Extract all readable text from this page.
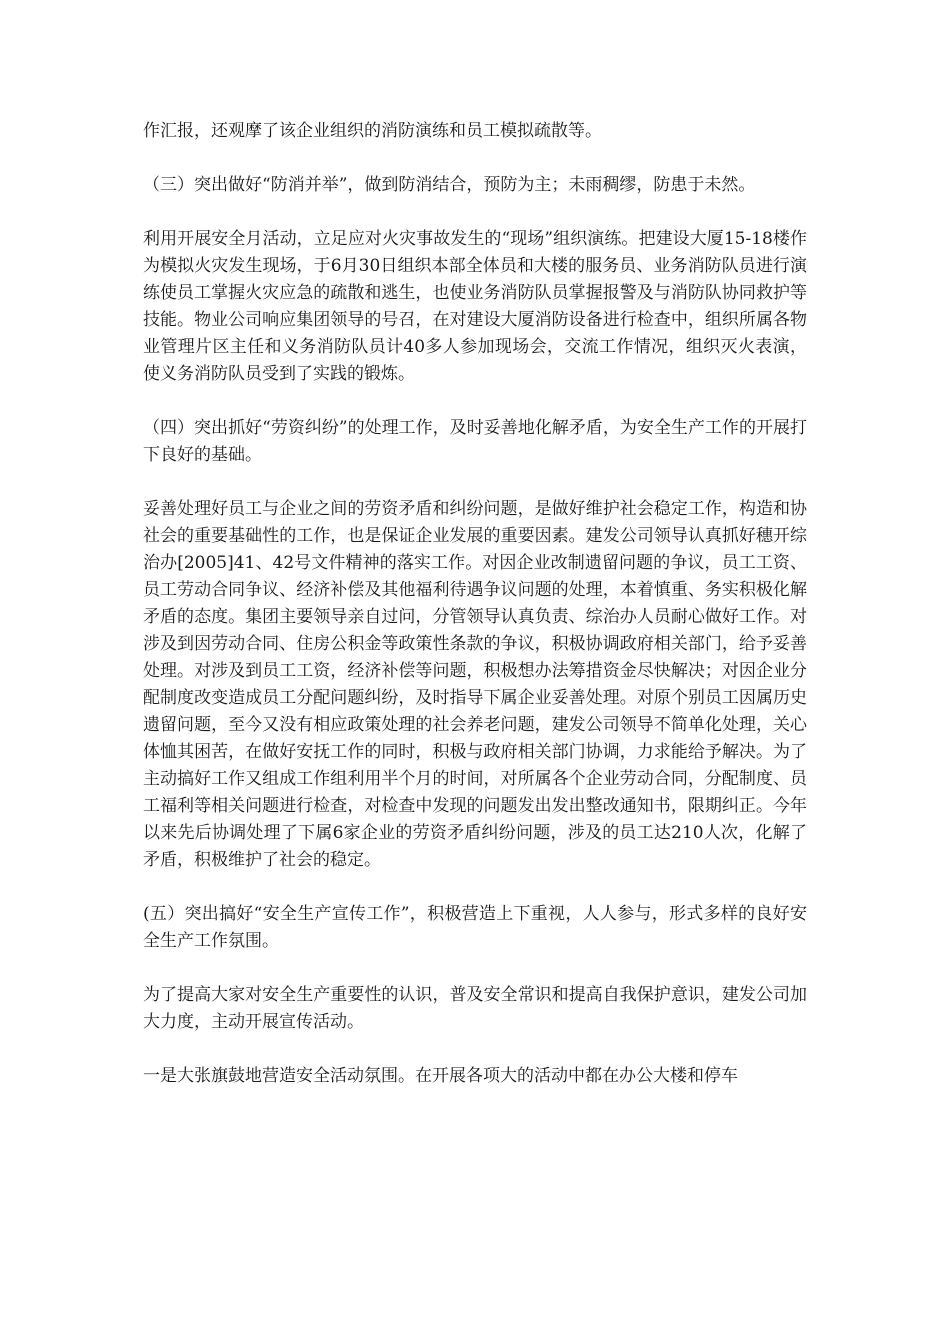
作汇报，还观摩了该企业组织的消防演练和员工模拟疏散等。

（三）突出做好“防消并举”，做到防消结合，预防为主；未雨稠缪，防患于未然。

利用开展安全月活动，立足应对火灾事故发生的“现场”组织演练。把建设大厦15-18楼作为模拟火灾发生现场，于6月30日组织本部全体员和大楼的服务员、业务消防队员进行演练使员工掌握火灾应急的疏散和逃生，也使业务消防队员掌握报警及与消防队协同救护等技能。物业公司响应集团领导的号召，在对建设大厦消防设备进行检查中，组织所属各物业管理片区主任和义务消防队员计40多人参加现场会，交流工作情况，组织灭火表演，使义务消防队员受到了实践的锻炼。

（四）突出抓好“劳资纠纷”的处理工作，及时妥善地化解矛盾，为安全生产工作的开展打下良好的基础。

妥善处理好员工与企业之间的劳资矛盾和纠纷问题，是做好维护社会稳定工作，构造和协社会的重要基础性的工作，也是保证企业发展的重要因素。建发公司领导认真抓好穗开综治办[2005]41、42号文件精神的落实工作。对因企业改制遗留问题的争议，员工工资、员工劳动合同争议、经济补偿及其他福利待遇争议问题的处理，本着慎重、务实积极化解矛盾的态度。集团主要领导亲自过问，分管领导认真负责、综治办人员耐心做好工作。对涉及到因劳动合同、住房公积金等政策性条款的争议，积极协调政府相关部门，给予妥善处理。对涉及到员工工资，经济补偿等问题，积极想办法筹措资金尽快解决；对因企业分配制度改变造成员工分配问题纠纷，及时指导下属企业妥善处理。对原个别员工因属历史遗留问题，至今又没有相应政策处理的社会养老问题，建发公司领导不简单化处理，关心体恤其困苦，在做好安抚工作的同时，积极与政府相关部门协调，力求能给予解决。为了主动搞好工作又组成工作组利用半个月的时间，对所属各个企业劳动合同，分配制度、员工福利等相关问题进行检查，对检查中发现的问题发出发出整改通知书，限期纠正。今年以来先后协调处理了下属6家企业的劳资矛盾纠纷问题，涉及的员工达210人次，化解了矛盾，积极维护了社会的稳定。

(五）突出搞好“安全生产宣传工作”，积极营造上下重视，人人参与，形式多样的良好安全生产工作氛围。

为了提高大家对安全生产重要性的认识，普及安全常识和提高自我保护意识，建发公司加大力度，主动开展宣传活动。

一是大张旗鼓地营造安全活动氛围。在开展各项大的活动中都在办公大楼和停车
